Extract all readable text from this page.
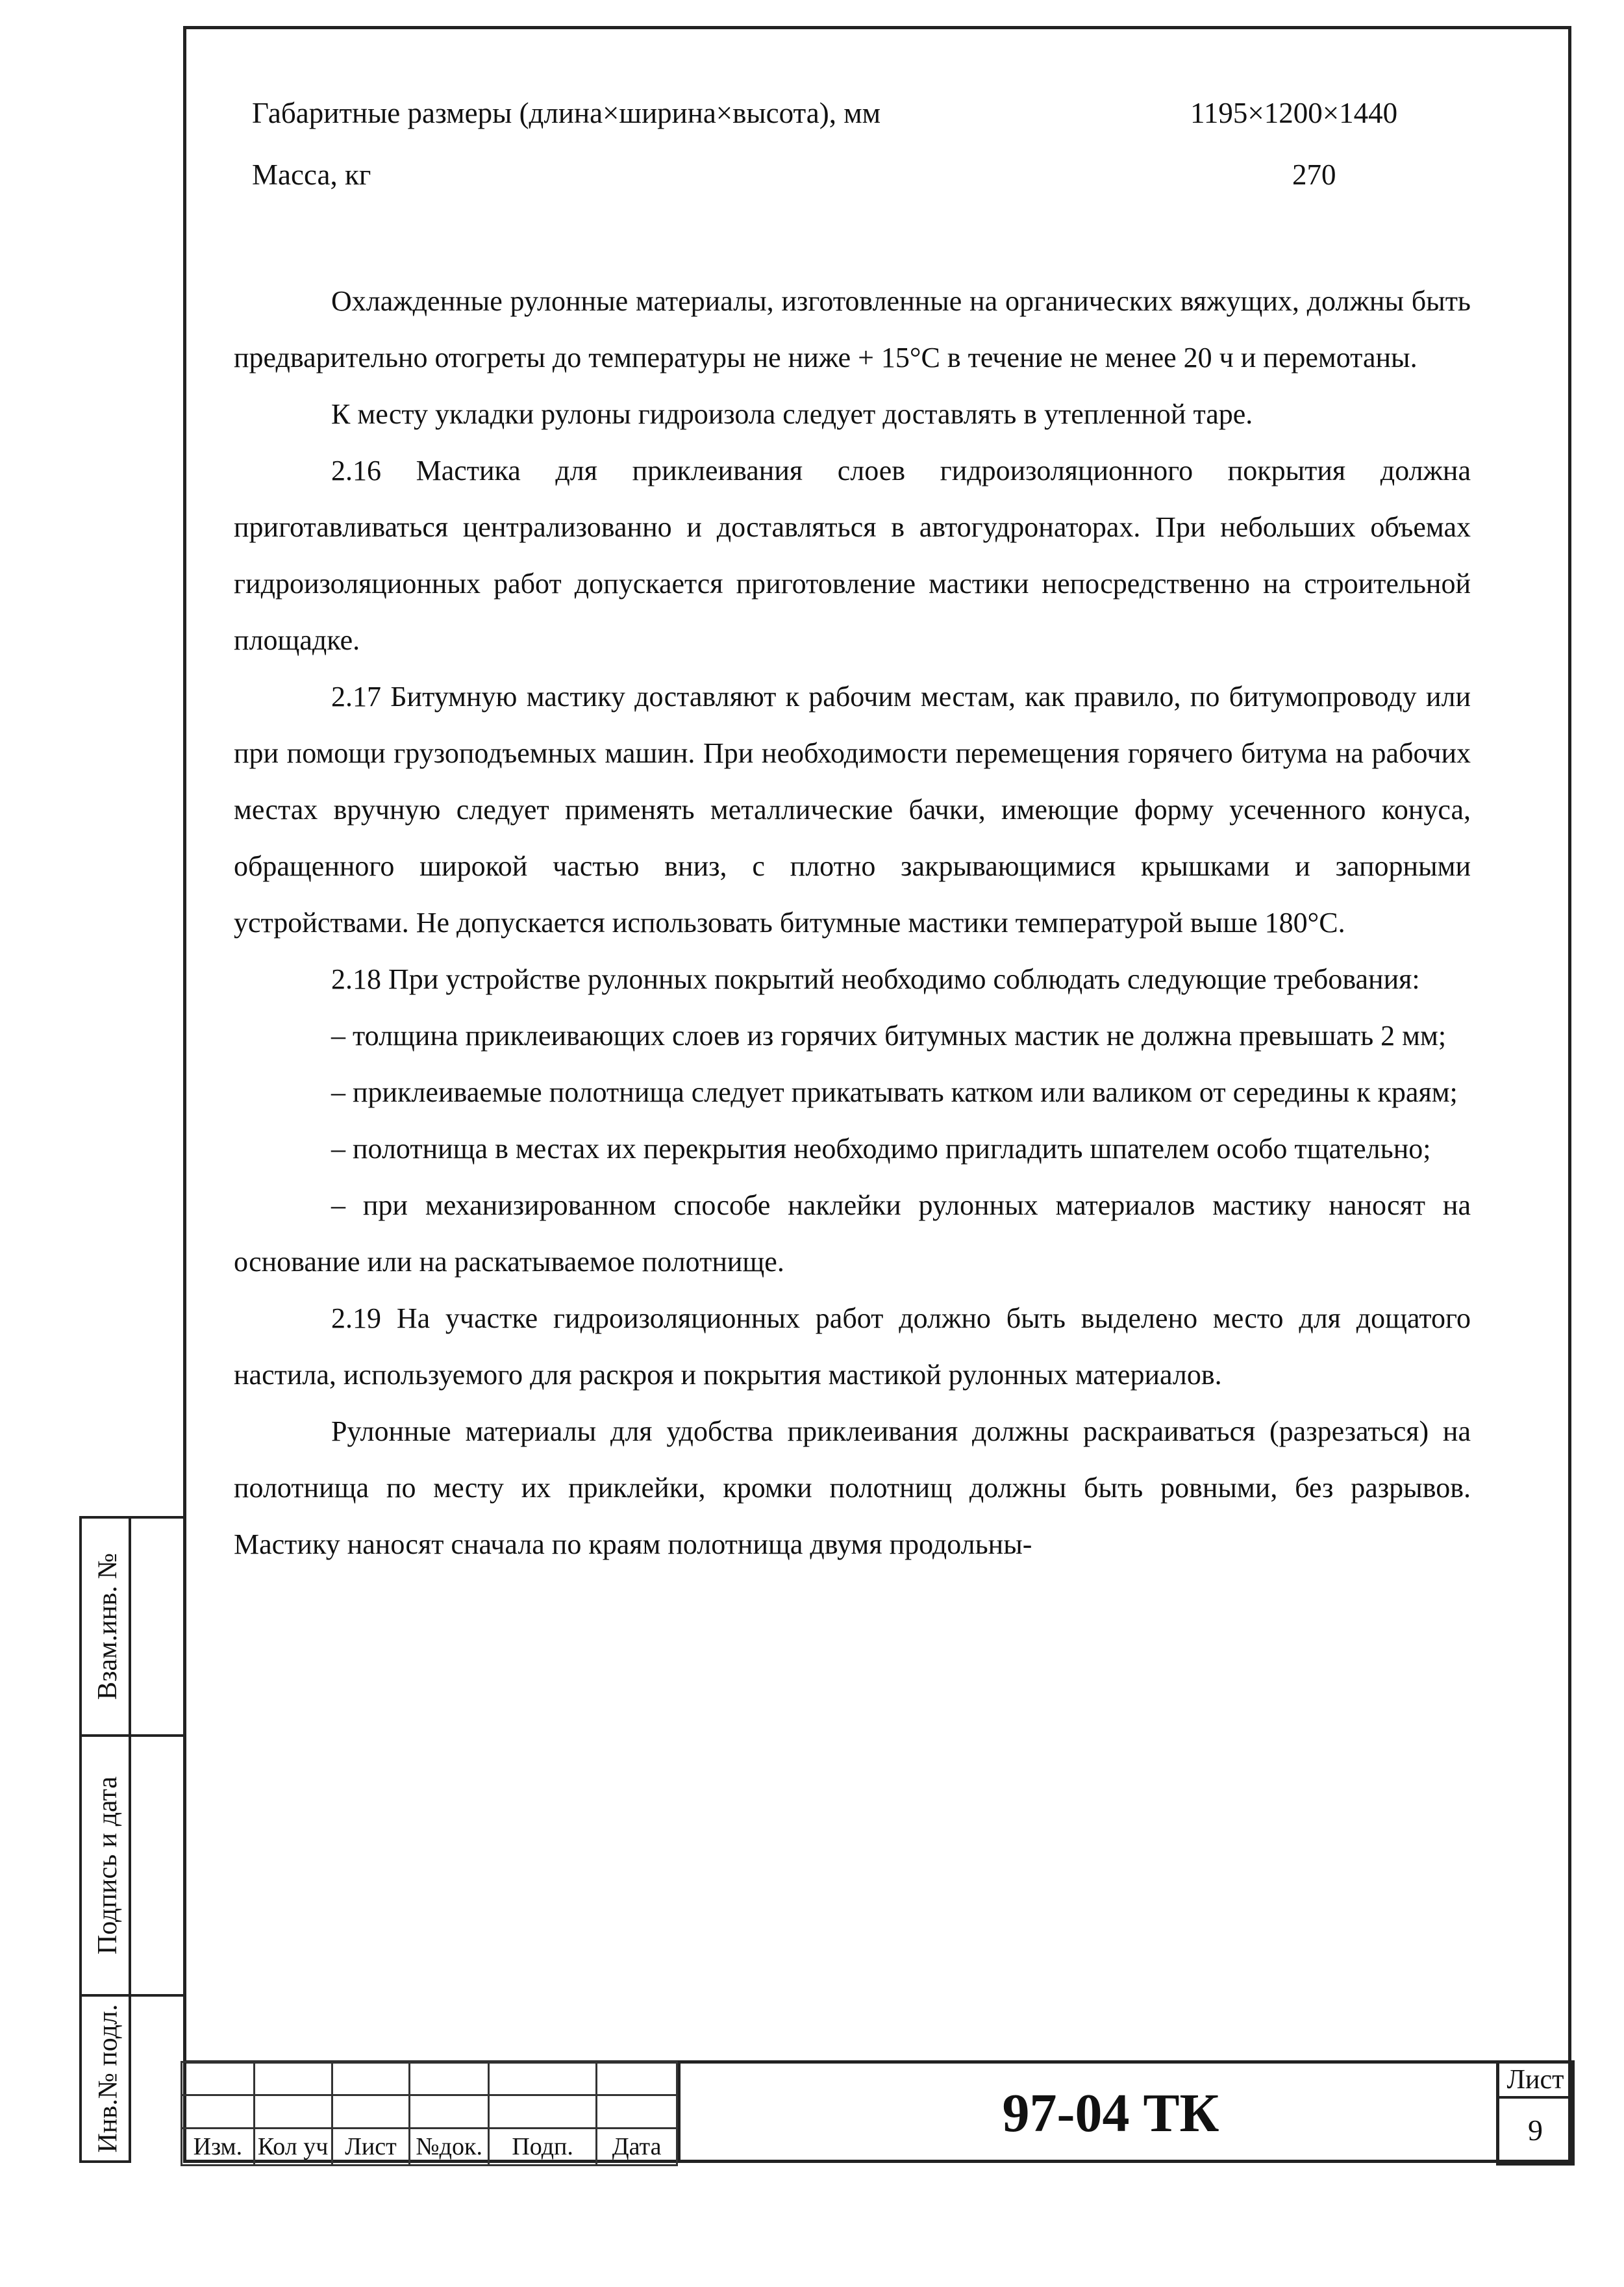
Габаритные размеры (длина×ширина×высота), мм	1195×1200×1440
Масса, кг	270

Охлажденные рулонные материалы, изготовленные на органических вяжущих, должны быть предварительно отогреты до температуры не ниже + 15°С в течение не менее 20 ч и перемотаны.

К месту укладки рулоны гидроизола следует доставлять в утепленной таре.

2.16 Мастика для приклеивания слоев гидроизоляционного покрытия должна приготавливаться централизованно и доставляться в автогудронаторах. При небольших объемах гидроизоляционных работ допускается приготовление мастики непосредственно на строительной площадке.

2.17 Битумную мастику доставляют к рабочим местам, как правило, по битумопроводу или при помощи грузоподъемных машин. При необходимости перемещения горячего битума на рабочих местах вручную следует применять металлические бачки, имеющие форму усеченного конуса, обращенного широкой частью вниз, с плотно закрывающимися крышками и запорными устройствами. Не допускается использовать битумные мастики температурой выше 180°С.

2.18 При устройстве рулонных покрытий необходимо соблюдать следующие требования:

– толщина приклеивающих слоев из горячих битумных мастик не должна превышать 2 мм;

– приклеиваемые полотнища следует прикатывать катком или валиком от середины к краям;

– полотнища в местах их перекрытия необходимо пригладить шпателем особо тщательно;

– при механизированном способе наклейки рулонных материалов мастику наносят на основание или на раскатываемое полотнище.

2.19 На участке гидроизоляционных работ должно быть выделено место для дощатого настила, используемого для раскроя и покрытия мастикой рулонных материалов.

Рулонные материалы для удобства приклеивания должны раскраиваться (разрезаться) на полотнища по месту их приклейки, кромки полотнищ должны быть ровными, без разрывов. Мастику наносят сначала по краям полотнища двумя продольны-

Взам.инв. №
Подпись и дата
Инв.№ подл.

						Изм.	Кол уч	Лист	№док.	Подп.	Дата
97-04 ТК
Лист
9
